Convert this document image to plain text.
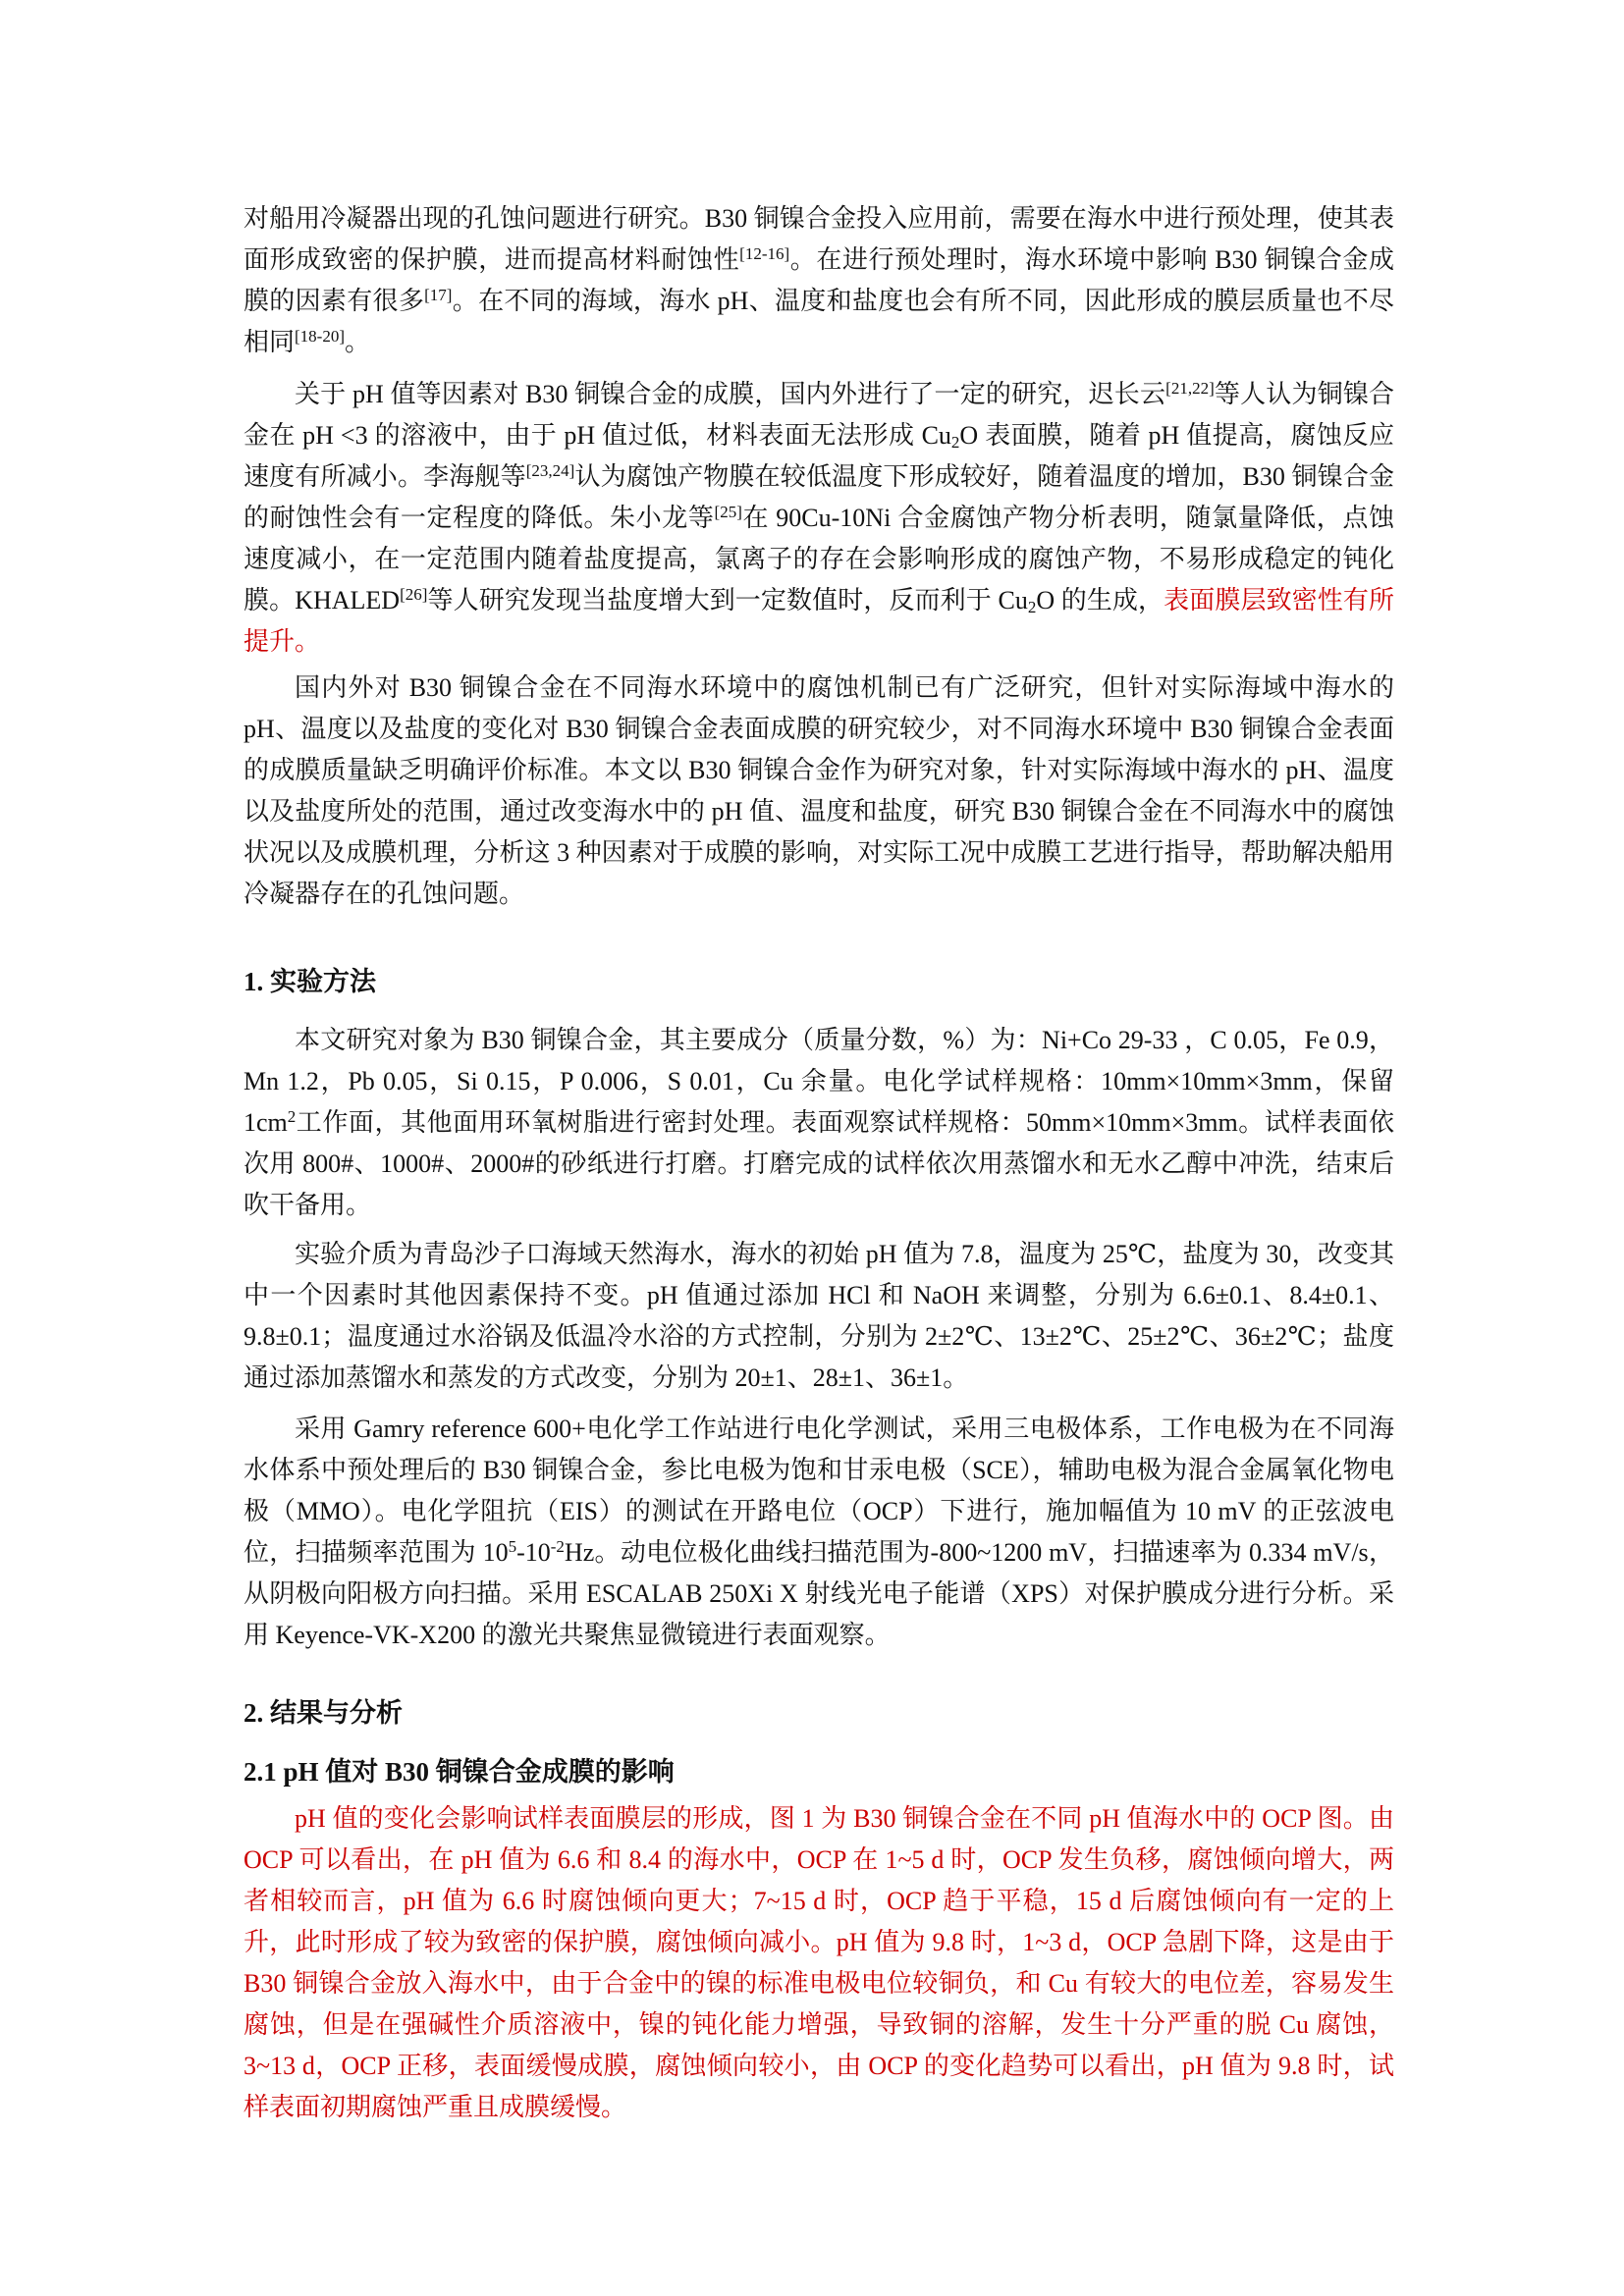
对船用冷凝器出现的孔蚀问题进行研究。B30 铜镍合金投入应用前，需要在海水中进行预处理，使其表面形成致密的保护膜，进而提高材料耐蚀性[12-16]。在进行预处理时，海水环境中影响 B30 铜镍合金成膜的因素有很多[17]。在不同的海域，海水 pH、温度和盐度也会有所不同，因此形成的膜层质量也不尽相同[18-20]。
关于 pH 值等因素对 B30 铜镍合金的成膜，国内外进行了一定的研究，迟长云[21,22]等人认为铜镍合金在 pH <3 的溶液中，由于 pH 值过低，材料表面无法形成 $Cu_2O$ 表面膜，随着 pH 值提高，腐蚀反应速度有所减小。李海舰等[23,24]认为腐蚀产物膜在较低温度下形成较好，随着温度的增加，B30 铜镍合金的耐蚀性会有一定程度的降低。朱小龙等[25]在 90Cu-10Ni 合金腐蚀产物分析表明，随氯量降低，点蚀速度减小，在一定范围内随着盐度提高，氯离子的存在会影响形成的腐蚀产物，不易形成稳定的钝化膜。KHALED[26]等人研究发现当盐度增大到一定数值时，反而利于 $Cu_2O$ 的生成，表面膜层致密性有所提升。
国内外对 B30 铜镍合金在不同海水环境中的腐蚀机制已有广泛研究，但针对实际海域中海水的 pH、温度以及盐度的变化对 B30 铜镍合金表面成膜的研究较少，对不同海水环境中 B30 铜镍合金表面的成膜质量缺乏明确评价标准。本文以 B30 铜镍合金作为研究对象，针对实际海域中海水的 pH、温度以及盐度所处的范围，通过改变海水中的 pH 值、温度和盐度，研究 B30 铜镍合金在不同海水中的腐蚀状况以及成膜机理，分析这 3 种因素对于成膜的影响，对实际工况中成膜工艺进行指导，帮助解决船用冷凝器存在的孔蚀问题。
1. 实验方法
本文研究对象为 B30 铜镍合金，其主要成分（质量分数，%）为：Ni+Co 29-33 ，C 0.05，Fe 0.9，Mn 1.2，Pb 0.05，Si 0.15，P 0.006，S 0.01，Cu 余量。电化学试样规格：10mm×10mm×3mm，保留 $1cm^2$工作面，其他面用环氧树脂进行密封处理。表面观察试样规格：50mm×10mm×3mm。试样表面依次用 800#、1000#、2000#的砂纸进行打磨。打磨完成的试样依次用蒸馏水和无水乙醇中冲洗，结束后吹干备用。
实验介质为青岛沙子口海域天然海水，海水的初始 pH 值为 7.8，温度为 25℃，盐度为 30，改变其中一个因素时其他因素保持不变。pH 值通过添加 HCl 和 NaOH 来调整，分别为 6.6±0.1、8.4±0.1、9.8±0.1；温度通过水浴锅及低温冷水浴的方式控制，分别为 2±2℃、13±2℃、25±2℃、36±2℃；盐度通过添加蒸馏水和蒸发的方式改变，分别为 20±1、28±1、36±1。
采用 Gamry reference 600+电化学工作站进行电化学测试，采用三电极体系，工作电极为在不同海水体系中预处理后的 B30 铜镍合金，参比电极为饱和甘汞电极（SCE），辅助电极为混合金属氧化物电极（MMO）。电化学阻抗（EIS）的测试在开路电位（OCP）下进行，施加幅值为 10 mV 的正弦波电位，扫描频率范围为 $10^5-10^{-2}Hz$。动电位极化曲线扫描范围为-800~1200 mV，扫描速率为 0.334 mV/s，从阴极向阳极方向扫描。采用 ESCALAB 250Xi X 射线光电子能谱（XPS）对保护膜成分进行分析。采用 Keyence-VK-X200 的激光共聚焦显微镜进行表面观察。
2. 结果与分析
2.1 pH 值对 B30 铜镍合金成膜的影响
pH 值的变化会影响试样表面膜层的形成，图 1 为 B30 铜镍合金在不同 pH 值海水中的 OCP 图。由 OCP 可以看出，在 pH 值为 6.6 和 8.4 的海水中，OCP 在 1~5 d 时，OCP 发生负移，腐蚀倾向增大，两者相较而言，pH 值为 6.6 时腐蚀倾向更大；7~15 d 时，OCP 趋于平稳，15 d 后腐蚀倾向有一定的上升，此时形成了较为致密的保护膜，腐蚀倾向减小。pH 值为 9.8 时，1~3 d，OCP 急剧下降，这是由于 B30 铜镍合金放入海水中，由于合金中的镍的标准电极电位较铜负，和 Cu 有较大的电位差，容易发生腐蚀，但是在强碱性介质溶液中，镍的钝化能力增强，导致铜的溶解，发生十分严重的脱 Cu 腐蚀，3~13 d，OCP 正移，表面缓慢成膜，腐蚀倾向较小，由 OCP 的变化趋势可以看出，pH 值为 9.8 时，试样表面初期腐蚀严重且成膜缓慢。
